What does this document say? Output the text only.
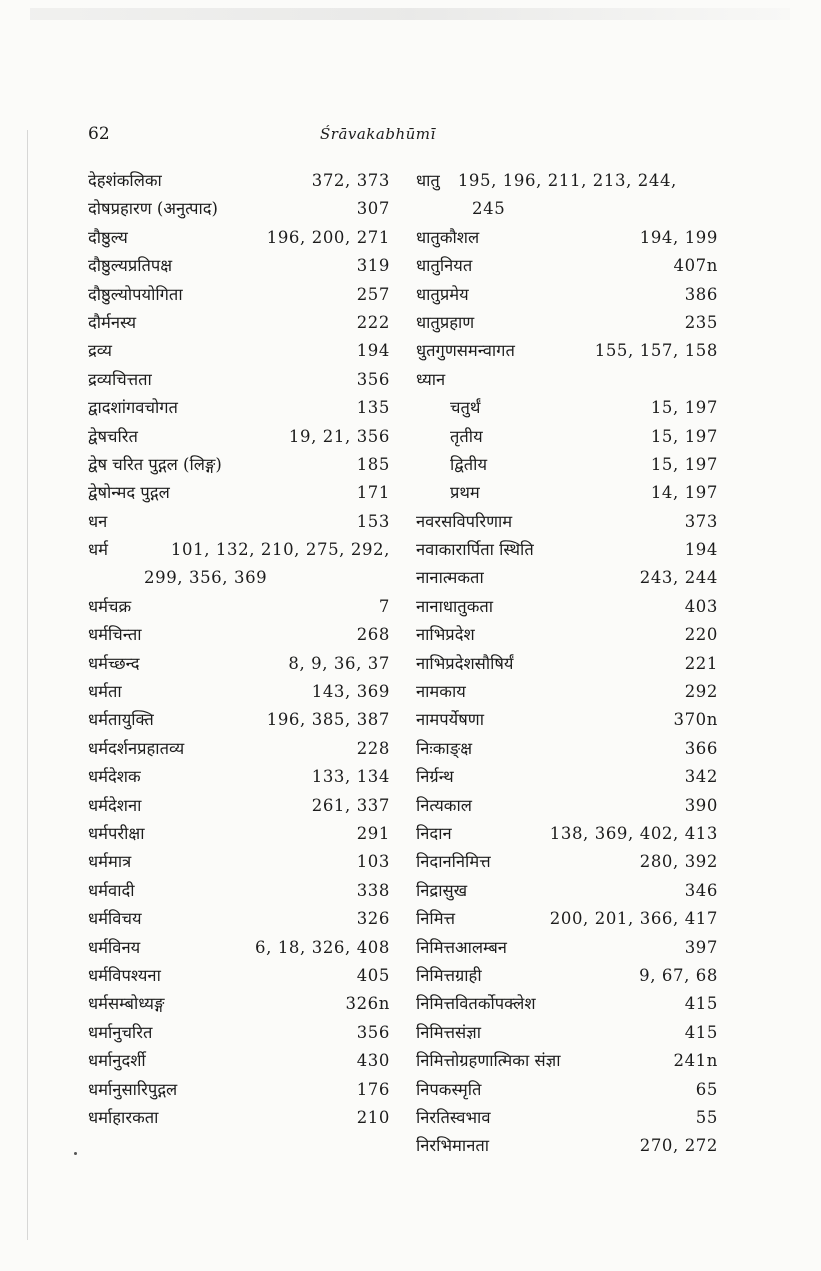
62	Śrāvakabhūmī
देहशंकलिका	372, 373
दोषप्रहारण (अनुत्पाद)	307
दौष्ठुल्य	196, 200, 271
दौष्ठुल्यप्रतिपक्ष	319
दौष्ठुल्योपयोगिता	257
दौर्मनस्य	222
द्रव्य	194
द्रव्यचित्तता	356
द्वादशांगवचोगत	135
द्वेषचरित	19, 21, 356
द्वेष चरित पुद्गल (लिङ्ग)	185
द्वेषोन्मद पुद्गल	171
धन	153
धर्म	101, 132, 210, 275, 292,
299, 356, 369
धर्मचक्र	7
धर्मचिन्ता	268
धर्मच्छन्द	8, 9, 36, 37
धर्मता	143, 369
धर्मतायुक्ति	196, 385, 387
धर्मदर्शनप्रहातव्य	228
धर्मदेशक	133, 134
धर्मदेशना	261, 337
धर्मपरीक्षा	291
धर्ममात्र	103
धर्मवादी	338
धर्मविचय	326
धर्मविनय	6, 18, 326, 408
धर्मविपश्यना	405
धर्मसम्बोध्यङ्ग	326n
धर्मानुचरित	356
धर्मानुदर्शी	430
धर्मानुसारिपुद्गल	176
धर्माहारकता	210
धातु 195, 196, 211, 213, 244,
245
धातुकौशल	194, 199
धातुनियत	407n
धातुप्रमेय	386
धातुप्रहाण	235
धुतगुणसमन्वागत	155, 157, 158
ध्यान
चतुर्थं	15, 197
तृतीय	15, 197
द्वितीय	15, 197
प्रथम	14, 197
नवरसविपरिणाम	373
नवाकारार्पिता स्थिति	194
नानात्मकता	243, 244
नानाधातुकता	403
नाभिप्रदेश	220
नाभिप्रदेशसौषिर्यं	221
नामकाय	292
नामपर्येषणा	370n
निःकाङ्क्ष	366
निर्ग्रन्थ	342
नित्यकाल	390
निदान	138, 369, 402, 413
निदाननिमित्त	280, 392
निद्रासुख	346
निमित्त	200, 201, 366, 417
निमित्तआलम्बन	397
निमित्तग्राही	9, 67, 68
निमित्तवितर्कोपक्लेश	415
निमित्तसंज्ञा	415
निमित्तोग्रहणात्मिका संज्ञा	241n
निपकस्मृति	65
निरतिस्वभाव	55
निरभिमानता	270, 272
